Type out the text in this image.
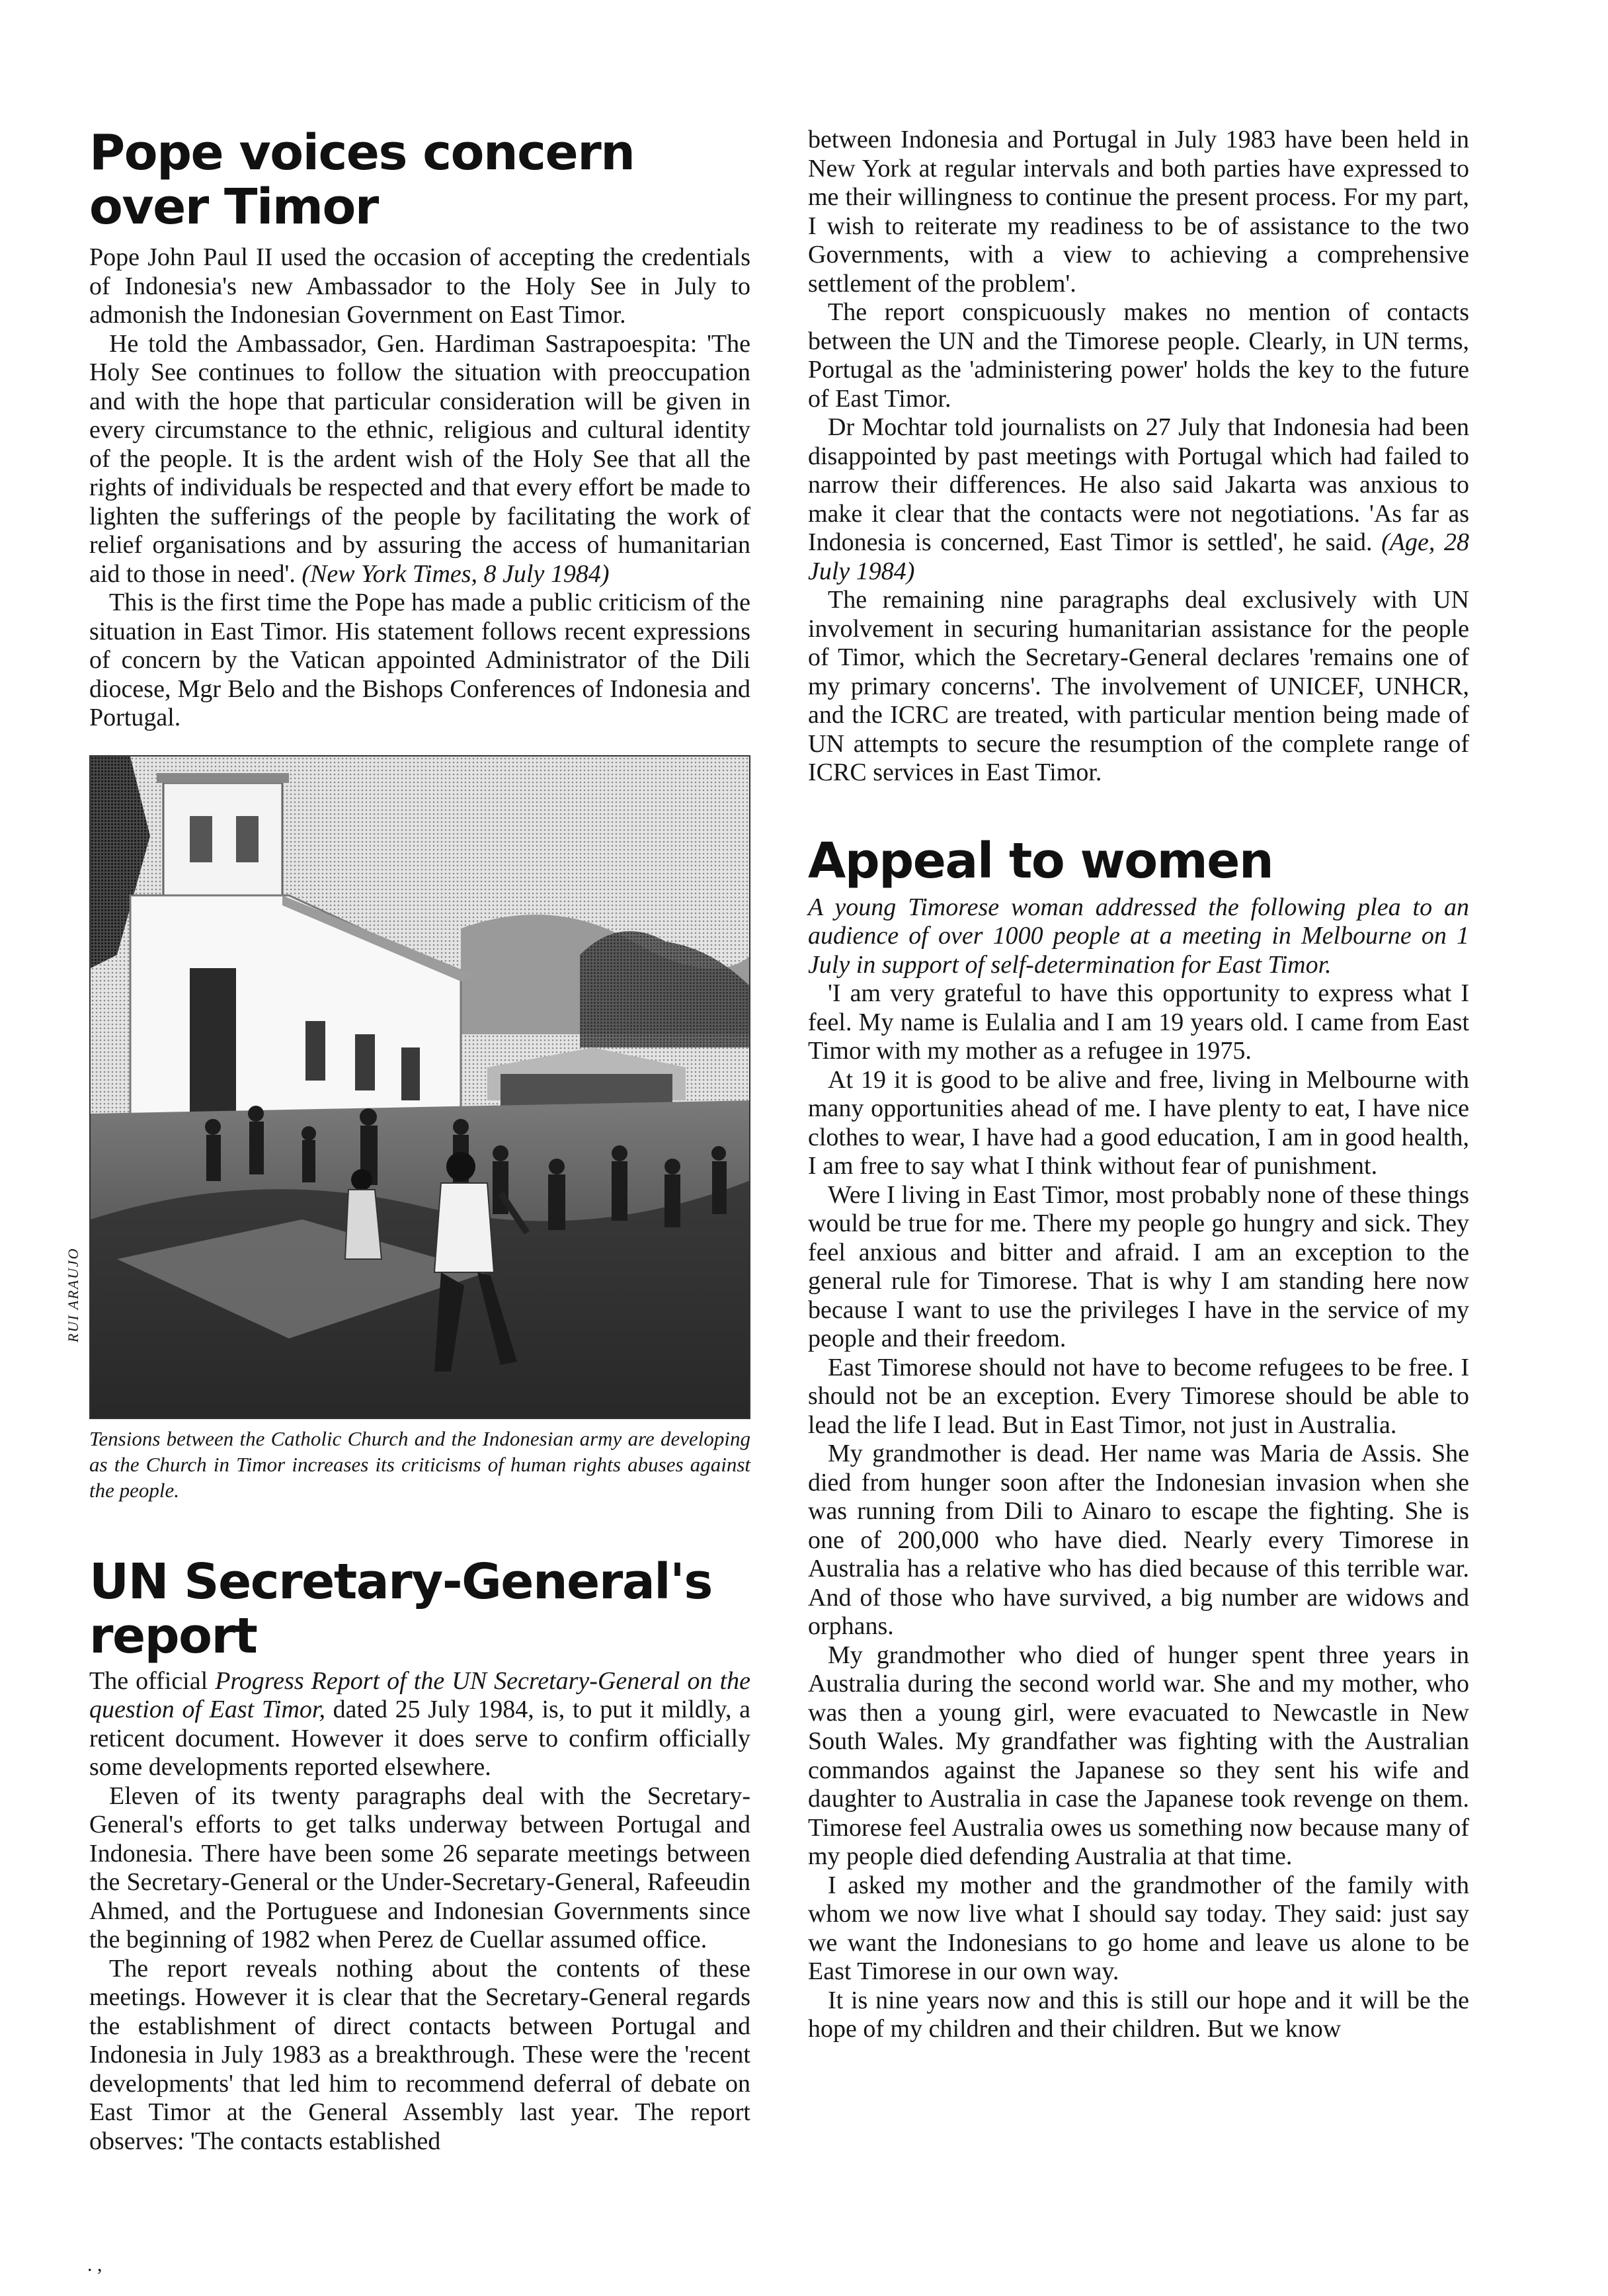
Pope voices concern over Timor

Pope John Paul II used the occasion of accepting the credentials of Indonesia's new Ambassador to the Holy See in July to admonish the Indonesian Government on East Timor.

He told the Ambassador, Gen. Hardiman Sastrapoespita: 'The Holy See continues to follow the situation with preoccupation and with the hope that particular consideration will be given in every circumstance to the ethnic, religious and cultural identity of the people. It is the ardent wish of the Holy See that all the rights of individuals be respected and that every effort be made to lighten the sufferings of the people by facilitating the work of relief organisations and by assuring the access of humanitarian aid to those in need'. (New York Times, 8 July 1984)

This is the first time the Pope has made a public criticism of the situation in East Timor. His statement follows recent expressions of concern by the Vatican appointed Administrator of the Dili diocese, Mgr Belo and the Bishops Conferences of Indonesia and Portugal.

Tensions between the Catholic Church and the Indonesian army are developing as the Church in Timor increases its criticisms of human rights abuses against the people.
UN Secretary-General's report

The official Progress Report of the UN Secretary-General on the question of East Timor, dated 25 July 1984, is, to put it mildly, a reticent document. However it does serve to confirm officially some developments reported elsewhere.

Eleven of its twenty paragraphs deal with the Secretary-General's efforts to get talks underway between Portugal and Indonesia. There have been some 26 separate meetings between the Secretary-General or the Under-Secretary-General, Rafeeudin Ahmed, and the Portuguese and Indonesian Governments since the beginning of 1982 when Perez de Cuellar assumed office.

The report reveals nothing about the contents of these meetings. However it is clear that the Secretary-General regards the establishment of direct contacts between Portugal and Indonesia in July 1983 as a breakthrough. These were the 'recent developments' that led him to recommend deferral of debate on East Timor at the General Assembly last year. The report observes: 'The contacts established

RUI ARAUJO

between Indonesia and Portugal in July 1983 have been held in New York at regular intervals and both parties have expressed to me their willingness to continue the present process. For my part, I wish to reiterate my readiness to be of assistance to the two Governments, with a view to achieving a comprehensive settlement of the problem'.

The report conspicuously makes no mention of contacts between the UN and the Timorese people. Clearly, in UN terms, Portugal as the 'administering power' holds the key to the future of East Timor.

Dr Mochtar told journalists on 27 July that Indonesia had been disappointed by past meetings with Portugal which had failed to narrow their differences. He also said Jakarta was anxious to make it clear that the contacts were not negotiations. 'As far as Indonesia is concerned, East Timor is settled', he said. (Age, 28 July 1984)

The remaining nine paragraphs deal exclusively with UN involvement in securing humanitarian assistance for the people of Timor, which the Secretary-General declares 'remains one of my primary concerns'. The involvement of UNICEF, UNHCR, and the ICRC are treated, with particular mention being made of UN attempts to secure the resumption of the complete range of ICRC services in East Timor.

Appeal to women

A young Timorese woman addressed the following plea to an audience of over 1000 people at a meeting in Melbourne on 1 July in support of self-determination for East Timor.

'I am very grateful to have this opportunity to express what I feel. My name is Eulalia and I am 19 years old. I came from East Timor with my mother as a refugee in 1975.

At 19 it is good to be alive and free, living in Melbourne with many opportunities ahead of me. I have plenty to eat, I have nice clothes to wear, I have had a good education, I am in good health, I am free to say what I think without fear of punishment.

Were I living in East Timor, most probably none of these things would be true for me. There my people go hungry and sick. They feel anxious and bitter and afraid. I am an exception to the general rule for Timorese. That is why I am standing here now because I want to use the privileges I have in the service of my people and their freedom.

East Timorese should not have to become refugees to be free. I should not be an exception. Every Timorese should be able to lead the life I lead. But in East Timor, not just in Australia.

My grandmother is dead. Her name was Maria de Assis. She died from hunger soon after the Indonesian invasion when she was running from Dili to Ainaro to escape the fighting. She is one of 200,000 who have died. Nearly every Timorese in Australia has a relative who has died because of this terrible war. And of those who have survived, a big number are widows and orphans.

My grandmother who died of hunger spent three years in Australia during the second world war. She and my mother, who was then a young girl, were evacuated to Newcastle in New South Wales. My grandfather was fighting with the Australian commandos against the Japanese so they sent his wife and daughter to Australia in case the Japanese took revenge on them. Timorese feel Australia owes us something now because many of my people died defending Australia at that time.

I asked my mother and the grandmother of the family with whom we now live what I should say today. They said: just say we want the Indonesians to go home and leave us alone to be East Timorese in our own way.

It is nine years now and this is still our hope and it will be the hope of my children and their children. But we know

. ,
